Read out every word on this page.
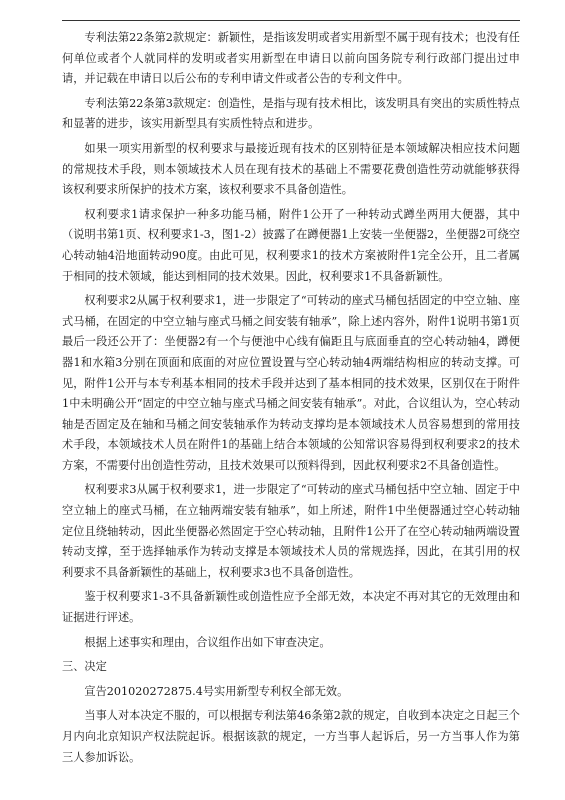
专利法第22条第2款规定：新颖性，是指该发明或者实用新型不属于现有技术；也没有任何单位或者个人就同样的发明或者实用新型在申请日以前向国务院专利行政部门提出过申请，并记载在申请日以后公布的专利申请文件或者公告的专利文件中。

专利法第22条第3款规定：创造性，是指与现有技术相比，该发明具有突出的实质性特点和显著的进步，该实用新型具有实质性特点和进步。

如果一项实用新型的权利要求与最接近现有技术的区别特征是本领域解决相应技术问题的常规技术手段，则本领域技术人员在现有技术的基础上不需要花费创造性劳动就能够获得该权利要求所保护的技术方案，该权利要求不具备创造性。

权利要求1请求保护一种多功能马桶，附件1公开了一种转动式蹲坐两用大便器，其中（说明书第1页、权利要求1-3，图1-2）披露了在蹲便器1上安装一坐便器2，坐便器2可绕空心转动轴4沿地面转动90度。由此可见，权利要求1的技术方案被附件1完全公开，且二者属于相同的技术领域，能达到相同的技术效果。因此，权利要求1不具备新颖性。

权利要求2从属于权利要求1，进一步限定了“可转动的座式马桶包括固定的中空立轴、座式马桶，在固定的中空立轴与座式马桶之间安装有轴承”，除上述内容外，附件1说明书第1页最后一段还公开了：坐便器2有一个与便池中心线有偏距且与底面垂直的空心转动轴4，蹲便器1和水箱3分别在顶面和底面的对应位置设置与空心转动轴4两端结构相应的转动支撑。可见，附件1公开与本专利基本相同的技术手段并达到了基本相同的技术效果，区别仅在于附件1中未明确公开“固定的中空立轴与座式马桶之间安装有轴承”。对此，合议组认为，空心转动轴是否固定及在轴和马桶之间安装轴承作为转动支撑均是本领域技术人员容易想到的常用技术手段，本领域技术人员在附件1的基础上结合本领域的公知常识容易得到权利要求2的技术方案，不需要付出创造性劳动，且技术效果可以预料得到，因此权利要求2不具备创造性。

权利要求3从属于权利要求1，进一步限定了“可转动的座式马桶包括中空立轴、固定于中空立轴上的座式马桶，在立轴两端安装有轴承”，如上所述，附件1中坐便器通过空心转动轴定位且绕轴转动，因此坐便器必然固定于空心转动轴，且附件1公开了在空心转动轴两端设置转动支撑，至于选择轴承作为转动支撑是本领域技术人员的常规选择，因此，在其引用的权利要求不具备新颖性的基础上，权利要求3也不具备创造性。

鉴于权利要求1-3不具备新颖性或创造性应予全部无效，本决定不再对其它的无效理由和证据进行评述。

根据上述事实和理由，合议组作出如下审查决定。

三、决定

宣告201020272875.4号实用新型专利权全部无效。

当事人对本决定不服的，可以根据专利法第46条第2款的规定，自收到本决定之日起三个月内向北京知识产权法院起诉。根据该款的规定，一方当事人起诉后，另一方当事人作为第三人参加诉讼。
